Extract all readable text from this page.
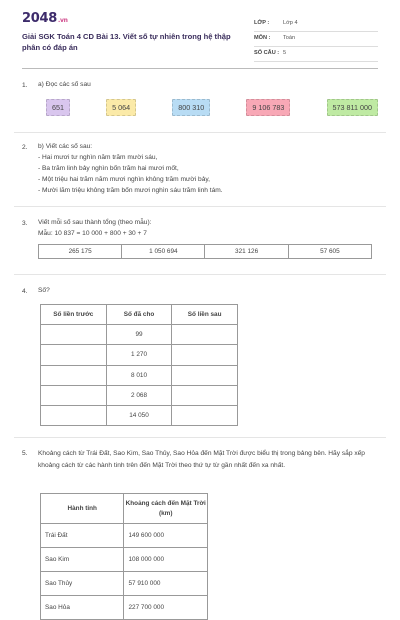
2048.vn
Giải SGK Toán 4 CD Bài 13. Viết số tự nhiên trong hệ thập phân có đáp án
LỚP :	Lớp 4
MÔN :	Toán
SỐ CÂU : 5
1. a) Đọc các số sau
651	5 064	800 310	9 106 783	573 811 000
2. b) Viết các số sau:
- Hai mươi tư nghìn năm trăm mười sáu,
- Ba trăm linh bảy nghìn bốn trăm hai mươi mốt,
- Một triệu hai trăm năm mươi nghìn không trăm mười bảy,
- Mười lăm triệu không trăm bốn mươi nghìn sáu trăm linh tám.
3. Viết mỗi số sau thành tổng (theo mẫu):
Mẫu: 10 837 = 10 000 + 800 + 30 + 7
265 175	1 050 694	321 126	57 605
4. Số?
Số liền trước	Số đã cho	Số liền sau
	99	
	1 270	
	8 010	
	2 068	
	14 050	
5. Khoảng cách từ Trái Đất, Sao Kim, Sao Thủy, Sao Hỏa đến Mặt Trời được biểu thị trong bảng bên. Hãy sắp xếp khoảng cách từ các hành tinh trên đến Mặt Trời theo thứ tự từ gần nhất đến xa nhất.
Hành tinh	Khoảng cách đến Mặt Trời (km)
Trái Đất	149 600 000
Sao Kim	108 000 000
Sao Thủy	57 910 000
Sao Hỏa	227 700 000
